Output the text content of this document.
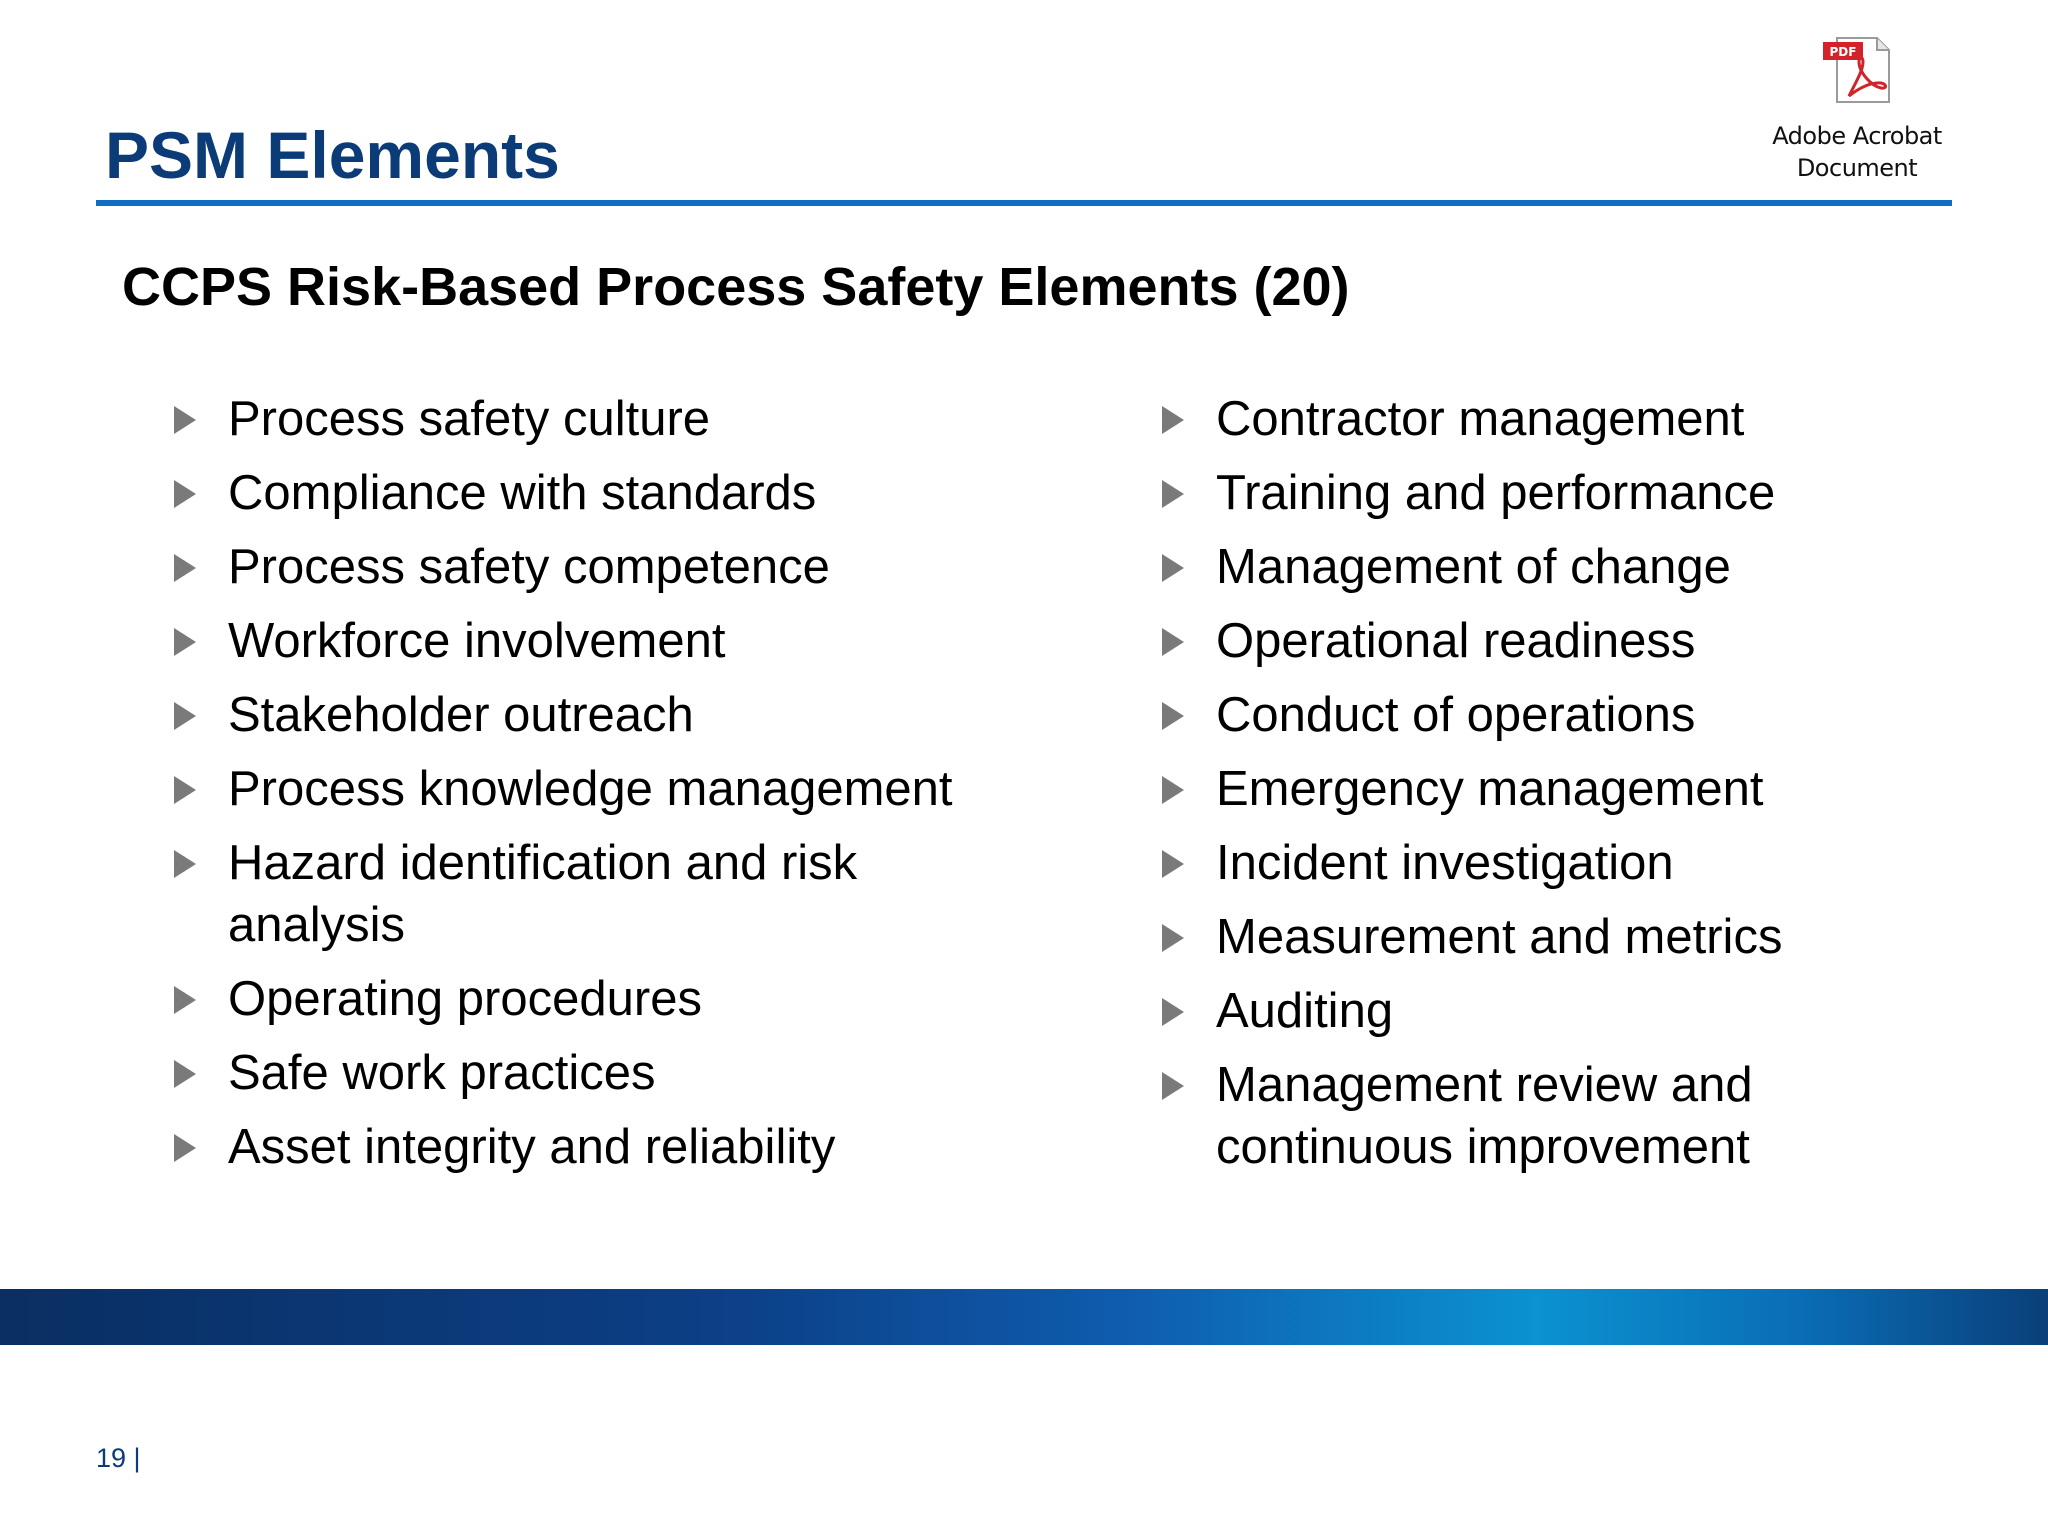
PSM Elements
PDF
Adobe Acrobat
Document
CCPS Risk-Based Process Safety Elements (20)
Process safety culture
Compliance with standards
Process safety competence
Workforce involvement
Stakeholder outreach
Process knowledge management
Hazard identification and risk analysis
Operating procedures
Safe work practices
Asset integrity and reliability
Contractor management
Training and performance
Management of change
Operational readiness
Conduct of operations
Emergency management
Incident investigation
Measurement and metrics
Auditing
Management review and continuous improvement
19 |
